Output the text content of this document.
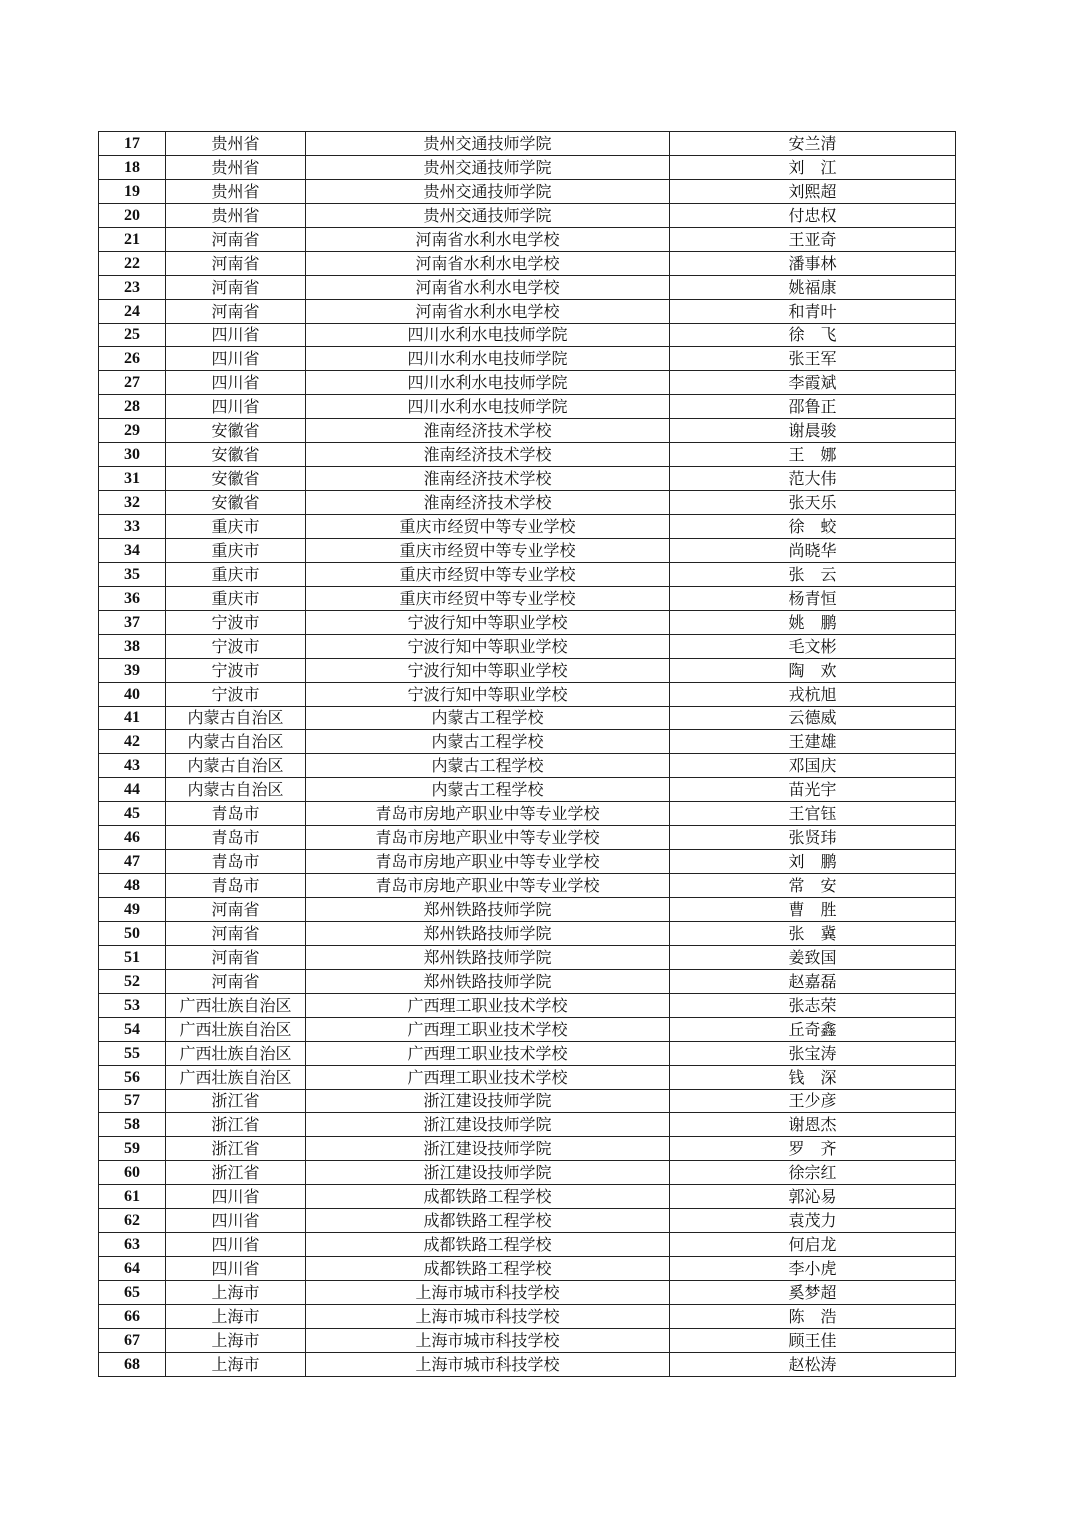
17	贵州省	贵州交通技师学院	安兰清
18	贵州省	贵州交通技师学院	刘　江
19	贵州省	贵州交通技师学院	刘熙超
20	贵州省	贵州交通技师学院	付忠权
21	河南省	河南省水利水电学校	王亚奇
22	河南省	河南省水利水电学校	潘事林
23	河南省	河南省水利水电学校	姚福康
24	河南省	河南省水利水电学校	和青叶
25	四川省	四川水利水电技师学院	徐　飞
26	四川省	四川水利水电技师学院	张王军
27	四川省	四川水利水电技师学院	李霞斌
28	四川省	四川水利水电技师学院	邵鲁正
29	安徽省	淮南经济技术学校	谢晨骏
30	安徽省	淮南经济技术学校	王　娜
31	安徽省	淮南经济技术学校	范大伟
32	安徽省	淮南经济技术学校	张天乐
33	重庆市	重庆市经贸中等专业学校	徐　蛟
34	重庆市	重庆市经贸中等专业学校	尚晓华
35	重庆市	重庆市经贸中等专业学校	张　云
36	重庆市	重庆市经贸中等专业学校	杨青恒
37	宁波市	宁波行知中等职业学校	姚　鹏
38	宁波市	宁波行知中等职业学校	毛文彬
39	宁波市	宁波行知中等职业学校	陶　欢
40	宁波市	宁波行知中等职业学校	戎杭旭
41	内蒙古自治区	内蒙古工程学校	云德威
42	内蒙古自治区	内蒙古工程学校	王建雄
43	内蒙古自治区	内蒙古工程学校	邓国庆
44	内蒙古自治区	内蒙古工程学校	苗光宇
45	青岛市	青岛市房地产职业中等专业学校	王官钰
46	青岛市	青岛市房地产职业中等专业学校	张贤玮
47	青岛市	青岛市房地产职业中等专业学校	刘　鹏
48	青岛市	青岛市房地产职业中等专业学校	常　安
49	河南省	郑州铁路技师学院	曹　胜
50	河南省	郑州铁路技师学院	张　冀
51	河南省	郑州铁路技师学院	姜致国
52	河南省	郑州铁路技师学院	赵嘉磊
53	广西壮族自治区	广西理工职业技术学校	张志荣
54	广西壮族自治区	广西理工职业技术学校	丘奇鑫
55	广西壮族自治区	广西理工职业技术学校	张宝涛
56	广西壮族自治区	广西理工职业技术学校	钱　深
57	浙江省	浙江建设技师学院	王少彦
58	浙江省	浙江建设技师学院	谢恩杰
59	浙江省	浙江建设技师学院	罗　齐
60	浙江省	浙江建设技师学院	徐宗红
61	四川省	成都铁路工程学校	郭沁易
62	四川省	成都铁路工程学校	袁茂力
63	四川省	成都铁路工程学校	何启龙
64	四川省	成都铁路工程学校	李小虎
65	上海市	上海市城市科技学校	奚梦超
66	上海市	上海市城市科技学校	陈　浩
67	上海市	上海市城市科技学校	顾王佳
68	上海市	上海市城市科技学校	赵松涛
